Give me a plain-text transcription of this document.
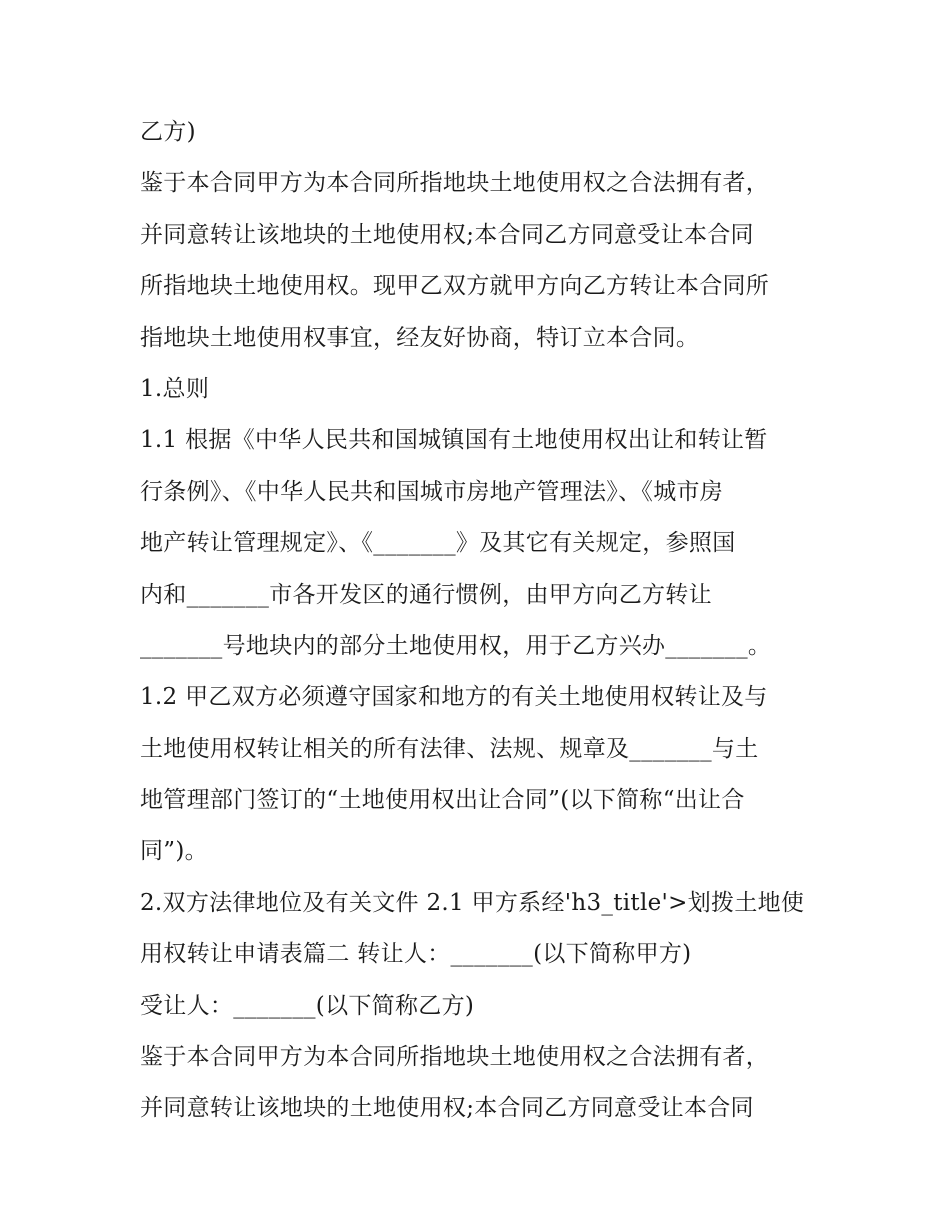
乙方)
鉴于本合同甲方为本合同所指地块土地使用权之合法拥有者，
并同意转让该地块的土地使用权;本合同乙方同意受让本合同
所指地块土地使用权。现甲乙双方就甲方向乙方转让本合同所
指地块土地使用权事宜，经友好协商，特订立本合同。
1.总则
1.1 根据《中华人民共和国城镇国有土地使用权出让和转让暂
行条例》、《中华人民共和国城市房地产管理法》、《城市房
地产转让管理规定》、《_______》及其它有关规定，参照国
内和_______市各开发区的通行惯例，由甲方向乙方转让
_______号地块内的部分土地使用权，用于乙方兴办_______。
1.2 甲乙双方必须遵守国家和地方的有关土地使用权转让及与
土地使用权转让相关的所有法律、法规、规章及_______与土
地管理部门签订的“土地使用权出让合同”(以下简称“出让合
同”)。
2.双方法律地位及有关文件 2.1 甲方系经'h3_title'>划拨土地使
用权转让申请表篇二 转让人：_______(以下简称甲方)
受让人：_______(以下简称乙方)
鉴于本合同甲方为本合同所指地块土地使用权之合法拥有者，
并同意转让该地块的土地使用权;本合同乙方同意受让本合同
